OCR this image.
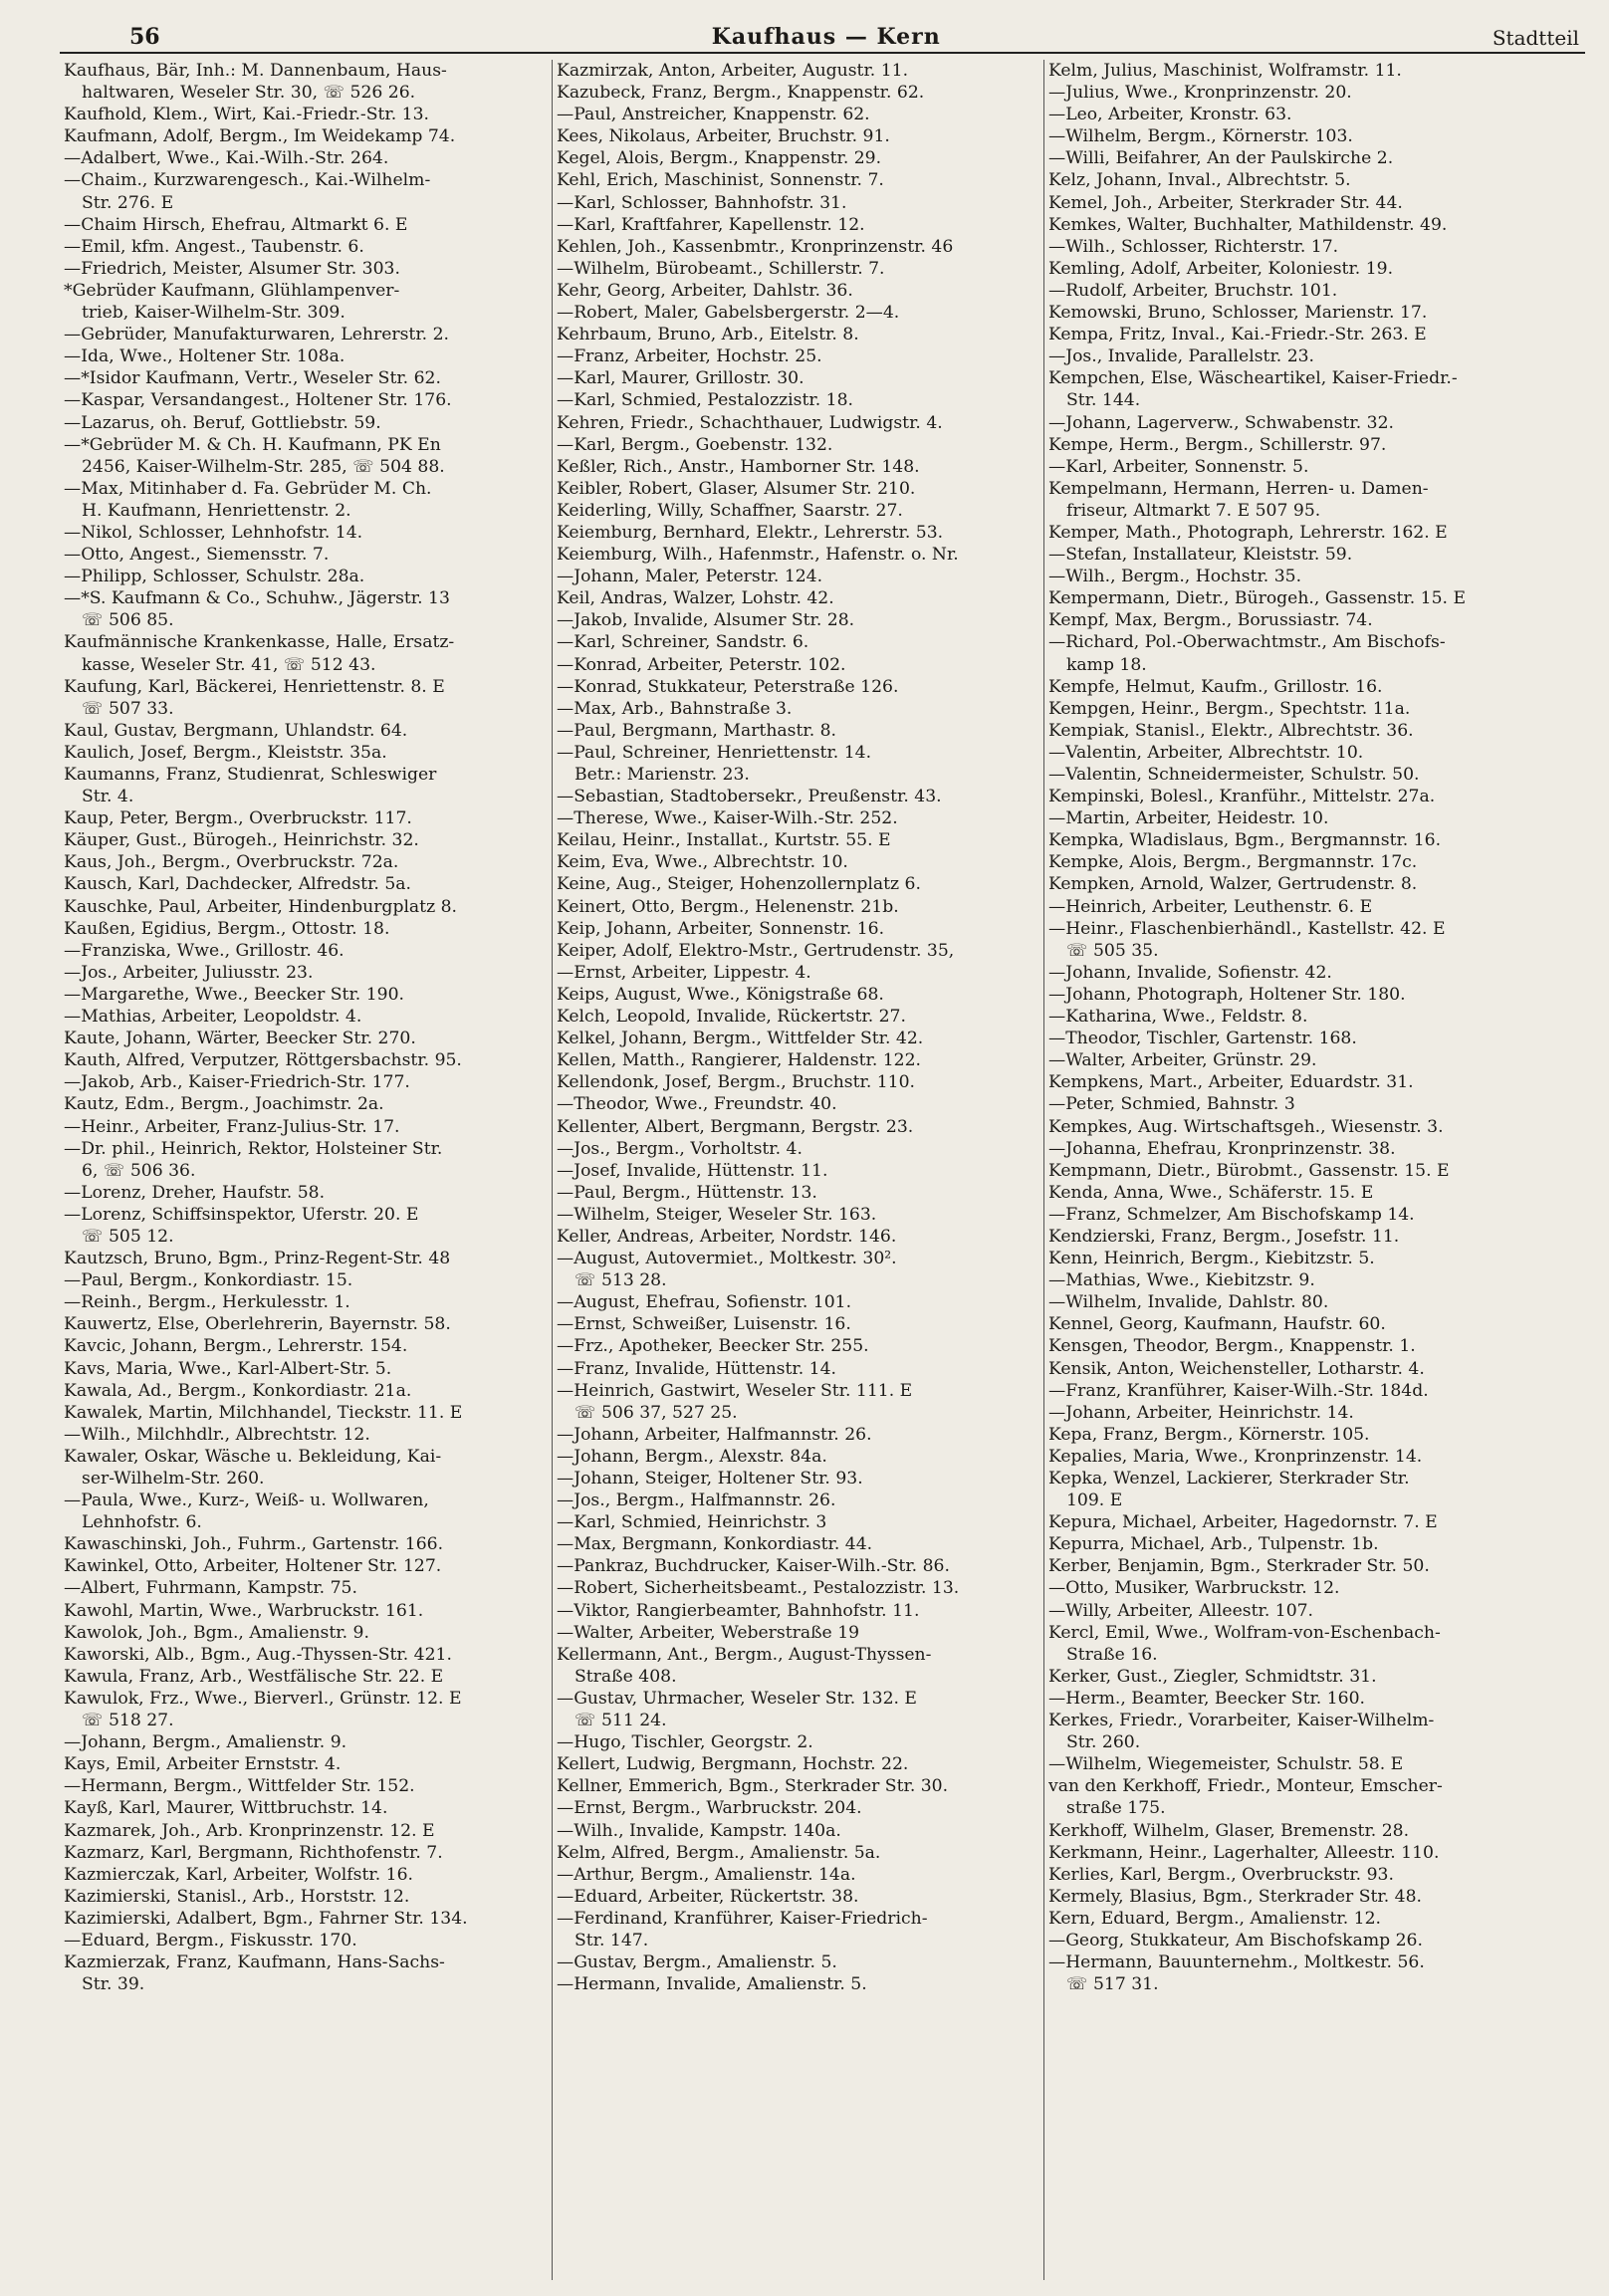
56	Kaufhaus — Kern	Stadtteil
Kaufhaus, Bär, Inh.: M. Dannenbaum, Haus-
haltwaren, Weseler Str. 30, ☏ 526 26.
Kaufhold, Klem., Wirt, Kai.-Friedr.-Str. 13.
Kaufmann, Adolf, Bergm., Im Weidekamp 74.
—Adalbert, Wwe., Kai.-Wilh.-Str. 264.
—Chaim., Kurzwarengesch., Kai.-Wilhelm-
Str. 276. E
—Chaim Hirsch, Ehefrau, Altmarkt 6. E
—Emil, kfm. Angest., Taubenstr. 6.
—Friedrich, Meister, Alsumer Str. 303.
*Gebrüder Kaufmann, Glühlampenver-
trieb, Kaiser-Wilhelm-Str. 309.
—Gebrüder, Manufakturwaren, Lehrerstr. 2.
—Ida, Wwe., Holtener Str. 108a.
—*Isidor Kaufmann, Vertr., Weseler Str. 62.
—Kaspar, Versandangest., Holtener Str. 176.
—Lazarus, oh. Beruf, Gottliebstr. 59.
—*Gebrüder M. & Ch. H. Kaufmann, PK En
2456, Kaiser-Wilhelm-Str. 285, ☏ 504 88.
—Max, Mitinhaber d. Fa. Gebrüder M. Ch.
H. Kaufmann, Henriettenstr. 2.
—Nikol, Schlosser, Lehnhofstr. 14.
—Otto, Angest., Siemensstr. 7.
—Philipp, Schlosser, Schulstr. 28a.
—*S. Kaufmann & Co., Schuhw., Jägerstr. 13
☏ 506 85.
Kaufmännische Krankenkasse, Halle, Ersatz-
kasse, Weseler Str. 41, ☏ 512 43.
Kaufung, Karl, Bäckerei, Henriettenstr. 8. E
☏ 507 33.
Kaul, Gustav, Bergmann, Uhlandstr. 64.
Kaulich, Josef, Bergm., Kleiststr. 35a.
Kaumanns, Franz, Studienrat, Schleswiger
Str. 4.
Kaup, Peter, Bergm., Overbruckstr. 117.
Käuper, Gust., Bürogeh., Heinrichstr. 32.
Kaus, Joh., Bergm., Overbruckstr. 72a.
Kausch, Karl, Dachdecker, Alfredstr. 5a.
Kauschke, Paul, Arbeiter, Hindenburgplatz 8.
Kaußen, Egidius, Bergm., Ottostr. 18.
—Franziska, Wwe., Grillostr. 46.
—Jos., Arbeiter, Juliusstr. 23.
—Margarethe, Wwe., Beecker Str. 190.
—Mathias, Arbeiter, Leopoldstr. 4.
Kaute, Johann, Wärter, Beecker Str. 270.
Kauth, Alfred, Verputzer, Röttgersbachstr. 95.
—Jakob, Arb., Kaiser-Friedrich-Str. 177.
Kautz, Edm., Bergm., Joachimstr. 2a.
—Heinr., Arbeiter, Franz-Julius-Str. 17.
—Dr. phil., Heinrich, Rektor, Holsteiner Str.
6, ☏ 506 36.
—Lorenz, Dreher, Haufstr. 58.
—Lorenz, Schiffsinspektor, Uferstr. 20. E
☏ 505 12.
Kautzsch, Bruno, Bgm., Prinz-Regent-Str. 48
—Paul, Bergm., Konkordiastr. 15.
—Reinh., Bergm., Herkulesstr. 1.
Kauwertz, Else, Oberlehrerin, Bayernstr. 58.
Kavcic, Johann, Bergm., Lehrerstr. 154.
Kavs, Maria, Wwe., Karl-Albert-Str. 5.
Kawala, Ad., Bergm., Konkordiastr. 21a.
Kawalek, Martin, Milchhandel, Tieckstr. 11. E
—Wilh., Milchhdlr., Albrechtstr. 12.
Kawaler, Oskar, Wäsche u. Bekleidung, Kai-
ser-Wilhelm-Str. 260.
—Paula, Wwe., Kurz-, Weiß- u. Wollwaren,
Lehnhofstr. 6.
Kawaschinski, Joh., Fuhrm., Gartenstr. 166.
Kawinkel, Otto, Arbeiter, Holtener Str. 127.
—Albert, Fuhrmann, Kampstr. 75.
Kawohl, Martin, Wwe., Warbruckstr. 161.
Kawolok, Joh., Bgm., Amalienstr. 9.
Kaworski, Alb., Bgm., Aug.-Thyssen-Str. 421.
Kawula, Franz, Arb., Westfälische Str. 22. E
Kawulok, Frz., Wwe., Bierverl., Grünstr. 12. E
☏ 518 27.
—Johann, Bergm., Amalienstr. 9.
Kays, Emil, Arbeiter Ernststr. 4.
—Hermann, Bergm., Wittfelder Str. 152.
Kayß, Karl, Maurer, Wittbruchstr. 14.
Kazmarek, Joh., Arb. Kronprinzenstr. 12. E
Kazmarz, Karl, Bergmann, Richthofenstr. 7.
Kazmierczak, Karl, Arbeiter, Wolfstr. 16.
Kazimierski, Stanisl., Arb., Horststr. 12.
Kazimierski, Adalbert, Bgm., Fahrner Str. 134.
—Eduard, Bergm., Fiskusstr. 170.
Kazmierzak, Franz, Kaufmann, Hans-Sachs-
Str. 39.
Kazmirzak, Anton, Arbeiter, Augustr. 11.
Kazubeck, Franz, Bergm., Knappenstr. 62.
—Paul, Anstreicher, Knappenstr. 62.
Kees, Nikolaus, Arbeiter, Bruchstr. 91.
Kegel, Alois, Bergm., Knappenstr. 29.
Kehl, Erich, Maschinist, Sonnenstr. 7.
—Karl, Schlosser, Bahnhofstr. 31.
—Karl, Kraftfahrer, Kapellenstr. 12.
Kehlen, Joh., Kassenbmtr., Kronprinzenstr. 46
—Wilhelm, Bürobeamt., Schillerstr. 7.
Kehr, Georg, Arbeiter, Dahlstr. 36.
—Robert, Maler, Gabelsbergerstr. 2—4.
Kehrbaum, Bruno, Arb., Eitelstr. 8.
—Franz, Arbeiter, Hochstr. 25.
—Karl, Maurer, Grillostr. 30.
—Karl, Schmied, Pestalozzistr. 18.
Kehren, Friedr., Schachthauer, Ludwigstr. 4.
—Karl, Bergm., Goebenstr. 132.
Keßler, Rich., Anstr., Hamborner Str. 148.
Keibler, Robert, Glaser, Alsumer Str. 210.
Keiderling, Willy, Schaffner, Saarstr. 27.
Keiemburg, Bernhard, Elektr., Lehrerstr. 53.
Keiemburg, Wilh., Hafenmstr., Hafenstr. o. Nr.
—Johann, Maler, Peterstr. 124.
Keil, Andras, Walzer, Lohstr. 42.
—Jakob, Invalide, Alsumer Str. 28.
—Karl, Schreiner, Sandstr. 6.
—Konrad, Arbeiter, Peterstr. 102.
—Konrad, Stukkateur, Peterstraße 126.
—Max, Arb., Bahnstraße 3.
—Paul, Bergmann, Marthastr. 8.
—Paul, Schreiner, Henriettenstr. 14.
Betr.: Marienstr. 23.
—Sebastian, Stadtobersekr., Preußenstr. 43.
—Therese, Wwe., Kaiser-Wilh.-Str. 252.
Keilau, Heinr., Installat., Kurtstr. 55. E
Keim, Eva, Wwe., Albrechtstr. 10.
Keine, Aug., Steiger, Hohenzollernplatz 6.
Keinert, Otto, Bergm., Helenenstr. 21b.
Keip, Johann, Arbeiter, Sonnenstr. 16.
Keiper, Adolf, Elektro-Mstr., Gertrudenstr. 35,
—Ernst, Arbeiter, Lippestr. 4.
Keips, August, Wwe., Königstraße 68.
Kelch, Leopold, Invalide, Rückertstr. 27.
Kelkel, Johann, Bergm., Wittfelder Str. 42.
Kellen, Matth., Rangierer, Haldenstr. 122.
Kellendonk, Josef, Bergm., Bruchstr. 110.
—Theodor, Wwe., Freundstr. 40.
Kellenter, Albert, Bergmann, Bergstr. 23.
—Jos., Bergm., Vorholtstr. 4.
—Josef, Invalide, Hüttenstr. 11.
—Paul, Bergm., Hüttenstr. 13.
—Wilhelm, Steiger, Weseler Str. 163.
Keller, Andreas, Arbeiter, Nordstr. 146.
—August, Autovermiet., Moltkestr. 30².
☏ 513 28.
—August, Ehefrau, Sofienstr. 101.
—Ernst, Schweißer, Luisenstr. 16.
—Frz., Apotheker, Beecker Str. 255.
—Franz, Invalide, Hüttenstr. 14.
—Heinrich, Gastwirt, Weseler Str. 111. E
☏ 506 37, 527 25.
—Johann, Arbeiter, Halfmannstr. 26.
—Johann, Bergm., Alexstr. 84a.
—Johann, Steiger, Holtener Str. 93.
—Jos., Bergm., Halfmannstr. 26.
—Karl, Schmied, Heinrichstr. 3
—Max, Bergmann, Konkordiastr. 44.
—Pankraz, Buchdrucker, Kaiser-Wilh.-Str. 86.
—Robert, Sicherheitsbeamt., Pestalozzistr. 13.
—Viktor, Rangierbeamter, Bahnhofstr. 11.
—Walter, Arbeiter, Weberstraße 19
Kellermann, Ant., Bergm., August-Thyssen-
Straße 408.
—Gustav, Uhrmacher, Weseler Str. 132. E
☏ 511 24.
—Hugo, Tischler, Georgstr. 2.
Kellert, Ludwig, Bergmann, Hochstr. 22.
Kellner, Emmerich, Bgm., Sterkrader Str. 30.
—Ernst, Bergm., Warbruckstr. 204.
—Wilh., Invalide, Kampstr. 140a.
Kelm, Alfred, Bergm., Amalienstr. 5a.
—Arthur, Bergm., Amalienstr. 14a.
—Eduard, Arbeiter, Rückertstr. 38.
—Ferdinand, Kranführer, Kaiser-Friedrich-
Str. 147.
—Gustav, Bergm., Amalienstr. 5.
—Hermann, Invalide, Amalienstr. 5.
Kelm, Julius, Maschinist, Wolframstr. 11.
—Julius, Wwe., Kronprinzenstr. 20.
—Leo, Arbeiter, Kronstr. 63.
—Wilhelm, Bergm., Körnerstr. 103.
—Willi, Beifahrer, An der Paulskirche 2.
Kelz, Johann, Inval., Albrechtstr. 5.
Kemel, Joh., Arbeiter, Sterkrader Str. 44.
Kemkes, Walter, Buchhalter, Mathildenstr. 49.
—Wilh., Schlosser, Richterstr. 17.
Kemling, Adolf, Arbeiter, Koloniestr. 19.
—Rudolf, Arbeiter, Bruchstr. 101.
Kemowski, Bruno, Schlosser, Marienstr. 17.
Kempa, Fritz, Inval., Kai.-Friedr.-Str. 263. E
—Jos., Invalide, Parallelstr. 23.
Kempchen, Else, Wäscheartikel, Kaiser-Friedr.-
Str. 144.
—Johann, Lagerverw., Schwabenstr. 32.
Kempe, Herm., Bergm., Schillerstr. 97.
—Karl, Arbeiter, Sonnenstr. 5.
Kempelmann, Hermann, Herren- u. Damen-
friseur, Altmarkt 7. E 507 95.
Kemper, Math., Photograph, Lehrerstr. 162. E
—Stefan, Installateur, Kleiststr. 59.
—Wilh., Bergm., Hochstr. 35.
Kempermann, Dietr., Bürogeh., Gassenstr. 15. E
Kempf, Max, Bergm., Borussiastr. 74.
—Richard, Pol.-Oberwachtmstr., Am Bischofs-
kamp 18.
Kempfe, Helmut, Kaufm., Grillostr. 16.
Kempgen, Heinr., Bergm., Spechtstr. 11a.
Kempiak, Stanisl., Elektr., Albrechtstr. 36.
—Valentin, Arbeiter, Albrechtstr. 10.
—Valentin, Schneidermeister, Schulstr. 50.
Kempinski, Bolesl., Kranführ., Mittelstr. 27a.
—Martin, Arbeiter, Heidestr. 10.
Kempka, Wladislaus, Bgm., Bergmannstr. 16.
Kempke, Alois, Bergm., Bergmannstr. 17c.
Kempken, Arnold, Walzer, Gertrudenstr. 8.
—Heinrich, Arbeiter, Leuthenstr. 6. E
—Heinr., Flaschenbierhändl., Kastellstr. 42. E
☏ 505 35.
—Johann, Invalide, Sofienstr. 42.
—Johann, Photograph, Holtener Str. 180.
—Katharina, Wwe., Feldstr. 8.
—Theodor, Tischler, Gartenstr. 168.
—Walter, Arbeiter, Grünstr. 29.
Kempkens, Mart., Arbeiter, Eduardstr. 31.
—Peter, Schmied, Bahnstr. 3
Kempkes, Aug. Wirtschaftsgeh., Wiesenstr. 3.
—Johanna, Ehefrau, Kronprinzenstr. 38.
Kempmann, Dietr., Bürobmt., Gassenstr. 15. E
Kenda, Anna, Wwe., Schäferstr. 15. E
—Franz, Schmelzer, Am Bischofskamp 14.
Kendzierski, Franz, Bergm., Josefstr. 11.
Kenn, Heinrich, Bergm., Kiebitzstr. 5.
—Mathias, Wwe., Kiebitzstr. 9.
—Wilhelm, Invalide, Dahlstr. 80.
Kennel, Georg, Kaufmann, Haufstr. 60.
Kensgen, Theodor, Bergm., Knappenstr. 1.
Kensik, Anton, Weichensteller, Lotharstr. 4.
—Franz, Kranführer, Kaiser-Wilh.-Str. 184d.
—Johann, Arbeiter, Heinrichstr. 14.
Kepa, Franz, Bergm., Körnerstr. 105.
Kepalies, Maria, Wwe., Kronprinzenstr. 14.
Kepka, Wenzel, Lackierer, Sterkrader Str.
109. E
Kepura, Michael, Arbeiter, Hagedornstr. 7. E
Kepurra, Michael, Arb., Tulpenstr. 1b.
Kerber, Benjamin, Bgm., Sterkrader Str. 50.
—Otto, Musiker, Warbruckstr. 12.
—Willy, Arbeiter, Alleestr. 107.
Kercl, Emil, Wwe., Wolfram-von-Eschenbach-
Straße 16.
Kerker, Gust., Ziegler, Schmidtstr. 31.
—Herm., Beamter, Beecker Str. 160.
Kerkes, Friedr., Vorarbeiter, Kaiser-Wilhelm-
Str. 260.
—Wilhelm, Wiegemeister, Schulstr. 58. E
van den Kerkhoff, Friedr., Monteur, Emscher-
straße 175.
Kerkhoff, Wilhelm, Glaser, Bremenstr. 28.
Kerkmann, Heinr., Lagerhalter, Alleestr. 110.
Kerlies, Karl, Bergm., Overbruckstr. 93.
Kermely, Blasius, Bgm., Sterkrader Str. 48.
Kern, Eduard, Bergm., Amalienstr. 12.
—Georg, Stukkateur, Am Bischofskamp 26.
—Hermann, Bauunternehm., Moltkestr. 56.
☏ 517 31.
